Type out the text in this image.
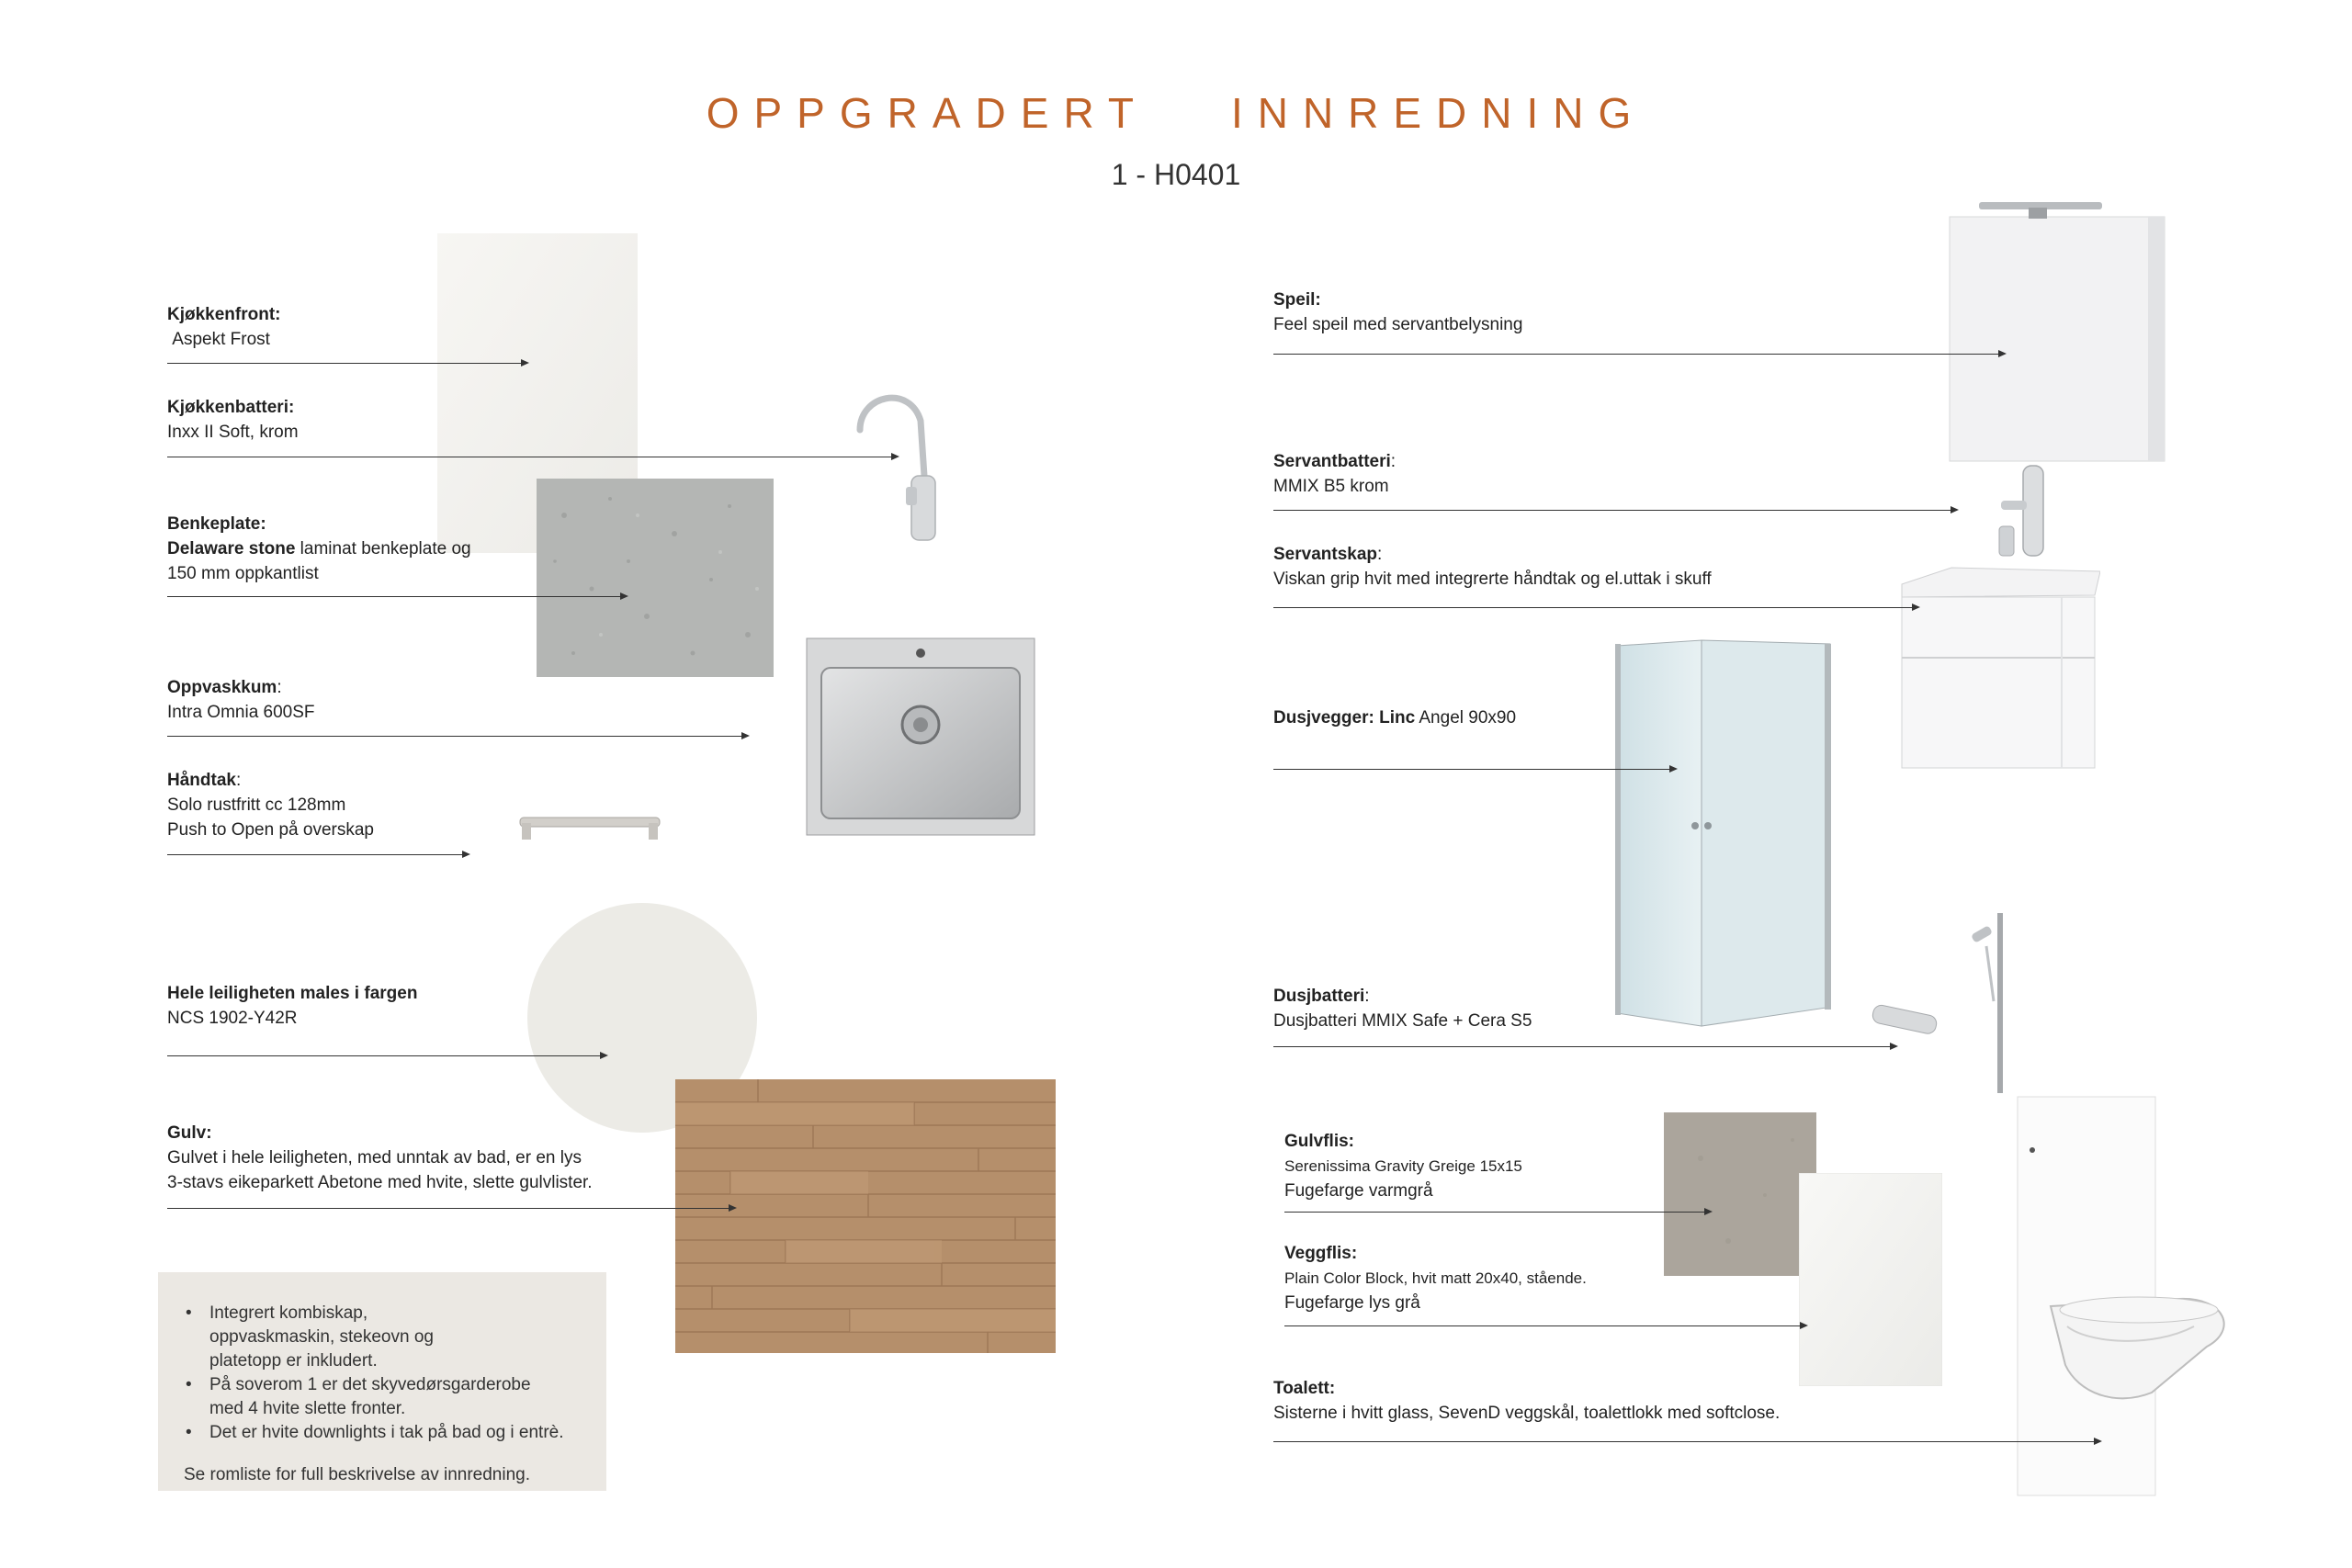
OPPGRADERT INNREDNING
1 - H0401
Kjøkkenfront:
Aspekt Frost
Kjøkkenbatteri:
Inxx II Soft, krom
Benkeplate:
Delaware stone laminat benkeplate og
150 mm oppkantlist
Oppvaskkum:
Intra Omnia 600SF
Håndtak:
Solo rustfritt cc 128mm
Push to Open på overskap
Hele leiligheten males i fargen
NCS 1902-Y42R
Gulv:
Gulvet i hele leiligheten, med unntak av bad, er en lys
3-stavs eikeparkett Abetone med hvite, slette gulvlister.
• Integrert kombiskap,
oppvaskmaskin, stekeovn og
platetopp er inkludert.
• På soverom 1 er det skyvedørsgarderobe
med 4 hvite slette fronter.
• Det er hvite downlights i tak på bad og i entrè.
Se romliste for full beskrivelse av innredning.
Speil:
Feel speil med servantbelysning
Servantbatteri:
MMIX B5 krom
Servantskap:
Viskan grip hvit med integrerte håndtak og el.uttak i skuff
Dusjvegger: Linc Angel 90x90
Dusjbatteri:
Dusjbatteri MMIX Safe + Cera S5
Gulvflis:
Serenissima Gravity Greige 15x15
Fugefarge varmgrå
Veggflis:
Plain Color Block, hvit matt 20x40, stående.
Fugefarge lys grå
Toalett:
Sisterne i hvitt glass, SevenD veggskål, toalettlokk med softclose.
